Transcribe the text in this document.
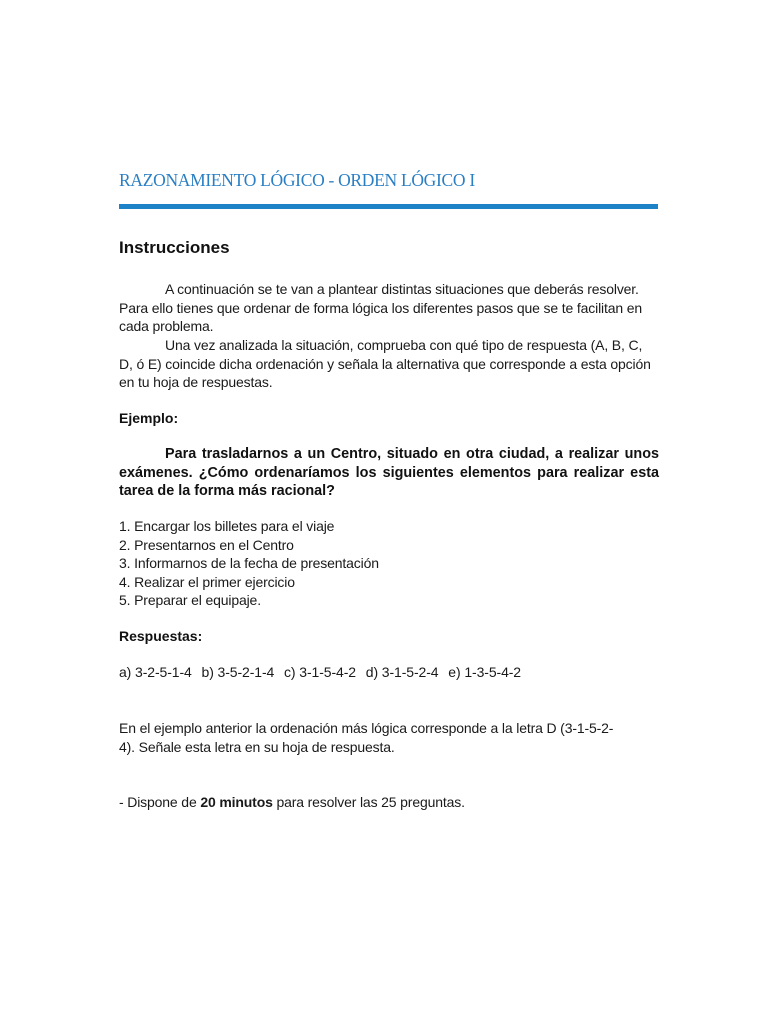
RAZONAMIENTO LÓGICO - ORDEN LÓGICO I
Instrucciones

A continuación se te van a plantear distintas situaciones que deberás resolver. Para ello tienes que ordenar de forma lógica los diferentes pasos que se te facilitan en cada problema.

Una vez analizada la situación, comprueba con qué tipo de respuesta (A, B, C, D, ó E) coincide dicha ordenación y señala la alternativa que corresponde a esta opción en tu hoja de respuestas.

Ejemplo:

Para trasladarnos a un Centro, situado en otra ciudad, a realizar unos exámenes. ¿Cómo ordenaríamos los siguientes elementos para realizar esta tarea de la forma más racional?

1. Encargar los billetes para el viaje
2. Presentarnos en el Centro
3. Informarnos de la fecha de presentación
4. Realizar el primer ejercicio
5. Preparar el equipaje.
Respuestas:

a) 3-2-5-1-4 b) 3-5-2-1-4 c) 3-1-5-4-2 d) 3-1-5-2-4 e) 1-3-5-4-2

En el ejemplo anterior la ordenación más lógica corresponde a la letra D (3-1-5-2-4). Señale esta letra en su hoja de respuesta.

- Dispone de 20 minutos para resolver las 25 preguntas.
